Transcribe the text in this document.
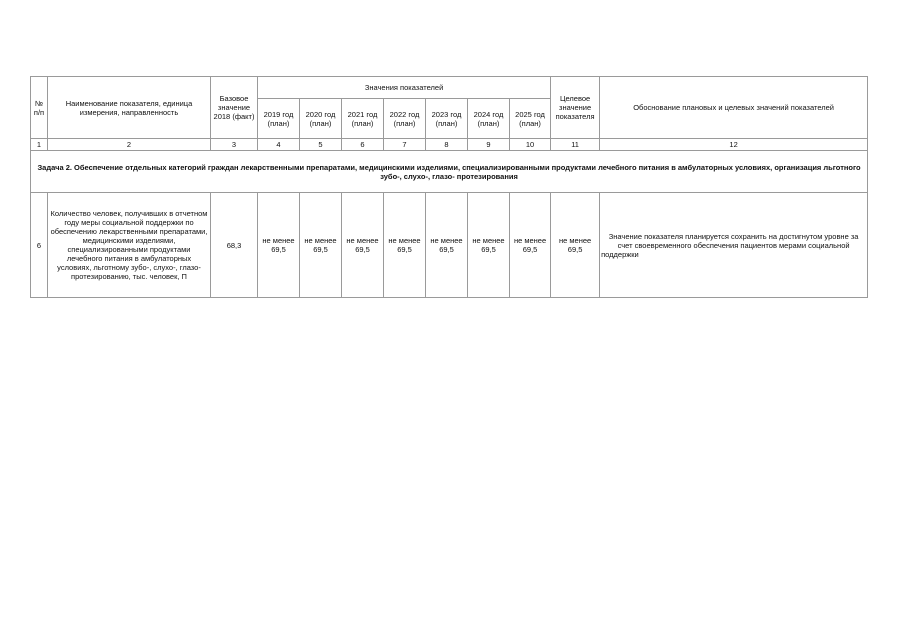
№ п/п	Наименование показателя, единица измерения, направленность	Базовое значение 2018 (факт)	Значения показателей							Целевое значение показателя	Обоснование плановых и целевых значений показателей
			2019 год (план)	2020 год (план)	2021 год (план)	2022 год (план)	2023 год (план)	2024 год (план)	2025 год (план)		
1	2	3	4	5	6	7	8	9	10	11	12
Задача 2. Обеспечение отдельных категорий граждан лекарственными препаратами, медицинскими изделиями, специализированными продуктами лечебного питания в амбулаторных условиях, организация льготного зубо-, слухо-, глазо- протезирования											
6	Количество человек, получивших в отчетном году меры социальной поддержки по обеспечению лекарственными препаратами, медицинскими изделиями, специализированными продуктами лечебного питания в амбулаторных условиях, льготному зубо-, слухо-, глазо- протезированию, тыс. человек, П	68,3	не менее 69,5	не менее 69,5	не менее 69,5	не менее 69,5	не менее 69,5	не менее 69,5	не менее 69,5	не менее 69,5	Значение показателя планируется сохранить на достигнутом уровне за счет своевременного обеспечения пациентов мерами социальной поддержки
